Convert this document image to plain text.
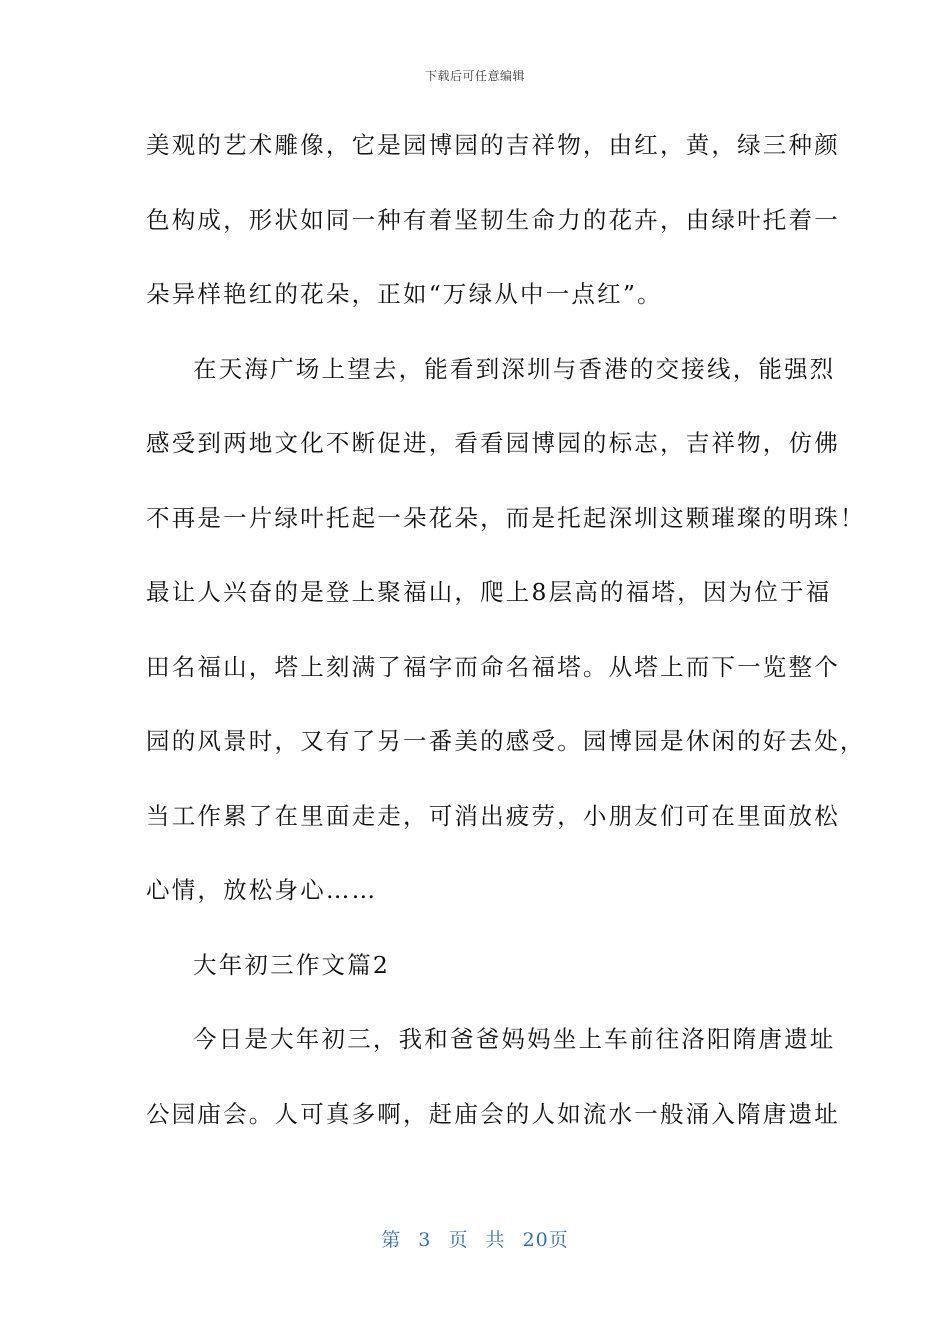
下载后可任意编辑
美观的艺术雕像，它是园博园的吉祥物，由红，黄，绿三种颜
色构成，形状如同一种有着坚韧生命力的花卉，由绿叶托着一
朵异样艳红的花朵，正如“万绿从中一点红”。
在天海广场上望去，能看到深圳与香港的交接线，能强烈
感受到两地文化不断促进，看看园博园的标志，吉祥物，仿佛
不再是一片绿叶托起一朵花朵，而是托起深圳这颗璀璨的明珠！
最让人兴奋的是登上聚福山，爬上8层高的福塔，因为位于福
田名福山，塔上刻满了福字而命名福塔。从塔上而下一览整个
园的风景时，又有了另一番美的感受。园博园是休闲的好去处，
当工作累了在里面走走，可消出疲劳，小朋友们可在里面放松
心情，放松身心……
大年初三作文篇2
今日是大年初三，我和爸爸妈妈坐上车前往洛阳隋唐遗址
公园庙会。人可真多啊，赶庙会的人如流水一般涌入隋唐遗址
第 3 页 共 20页
